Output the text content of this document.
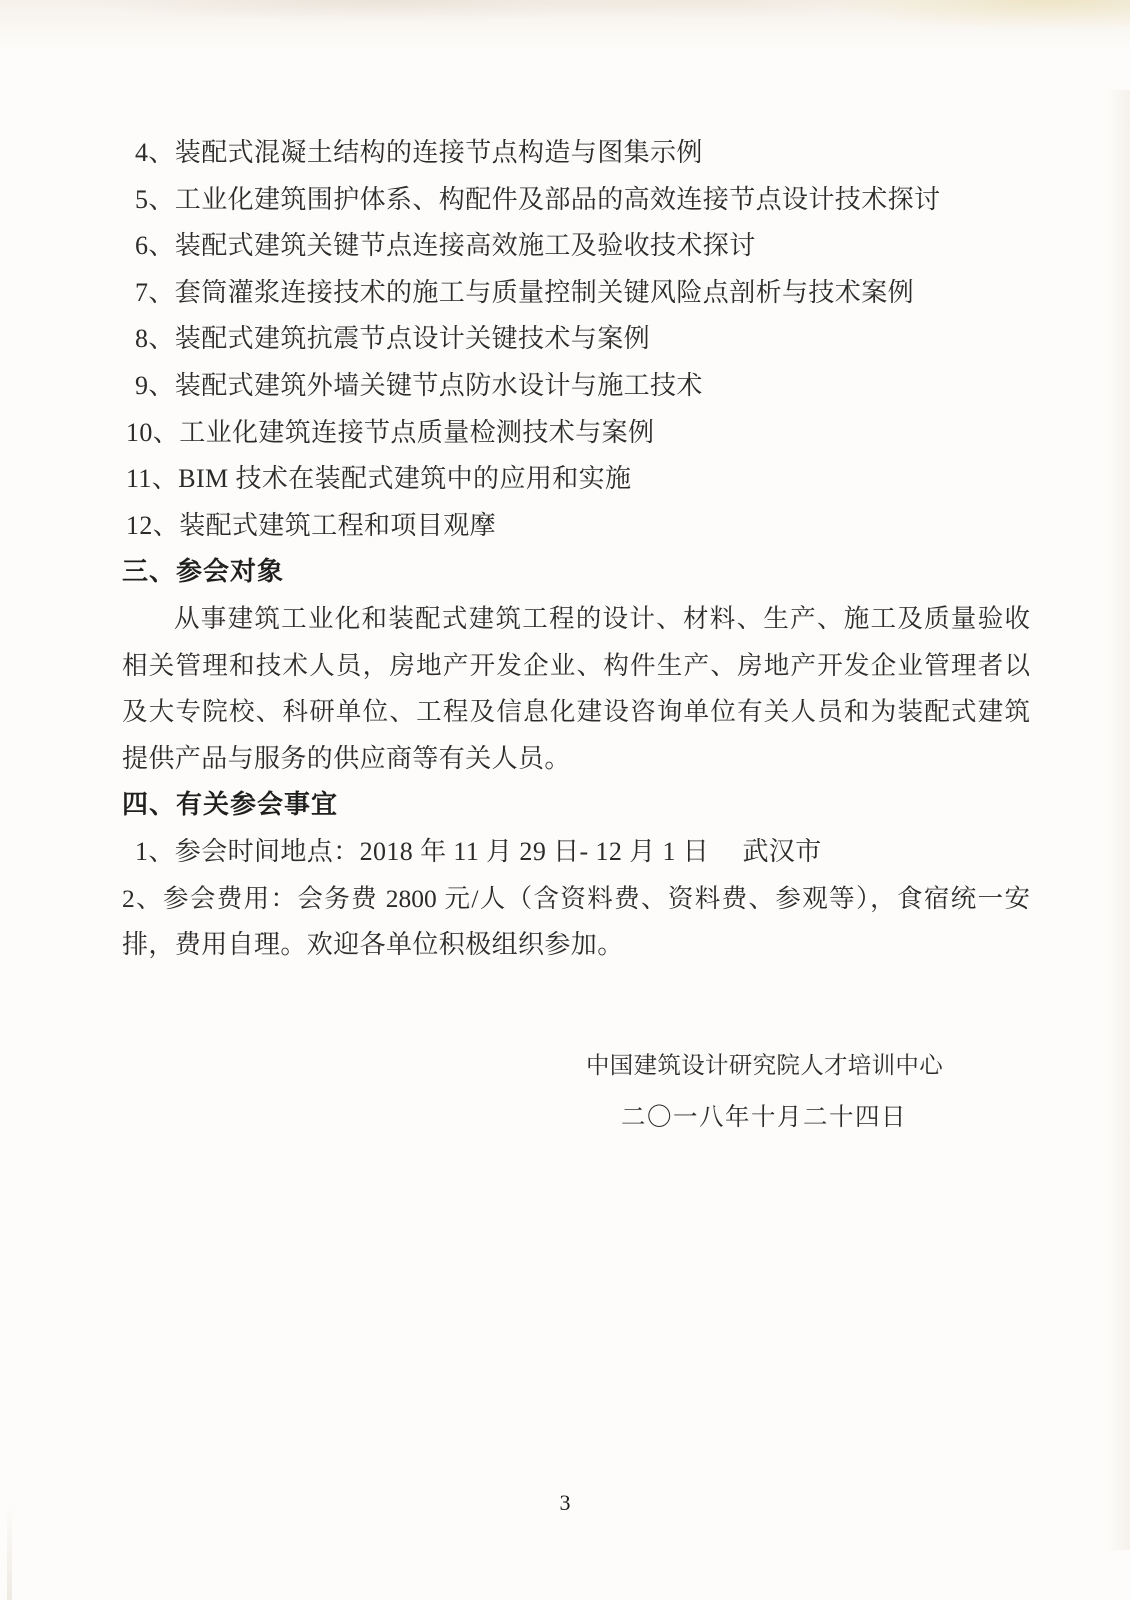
4、装配式混凝土结构的连接节点构造与图集示例
5、工业化建筑围护体系、构配件及部品的高效连接节点设计技术探讨
6、装配式建筑关键节点连接高效施工及验收技术探讨
7、套筒灌浆连接技术的施工与质量控制关键风险点剖析与技术案例
8、装配式建筑抗震节点设计关键技术与案例
9、装配式建筑外墙关键节点防水设计与施工技术
10、工业化建筑连接节点质量检测技术与案例
11、BIM 技术在装配式建筑中的应用和实施
12、装配式建筑工程和项目观摩
三、参会对象
从事建筑工业化和装配式建筑工程的设计、材料、生产、施工及质量验收
相关管理和技术人员，房地产开发企业、构件生产、房地产开发企业管理者以
及大专院校、科研单位、工程及信息化建设咨询单位有关人员和为装配式建筑
提供产品与服务的供应商等有关人员。
四、有关参会事宜
1、参会时间地点：2018 年 11 月 29 日- 12 月 1 日　 武汉市
2、参会费用：会务费 2800 元/人（含资料费、资料费、参观等），食宿统一安
排，费用自理。欢迎各单位积极组织参加。
中国建筑设计研究院人才培训中心
二〇一八年十月二十四日
3
